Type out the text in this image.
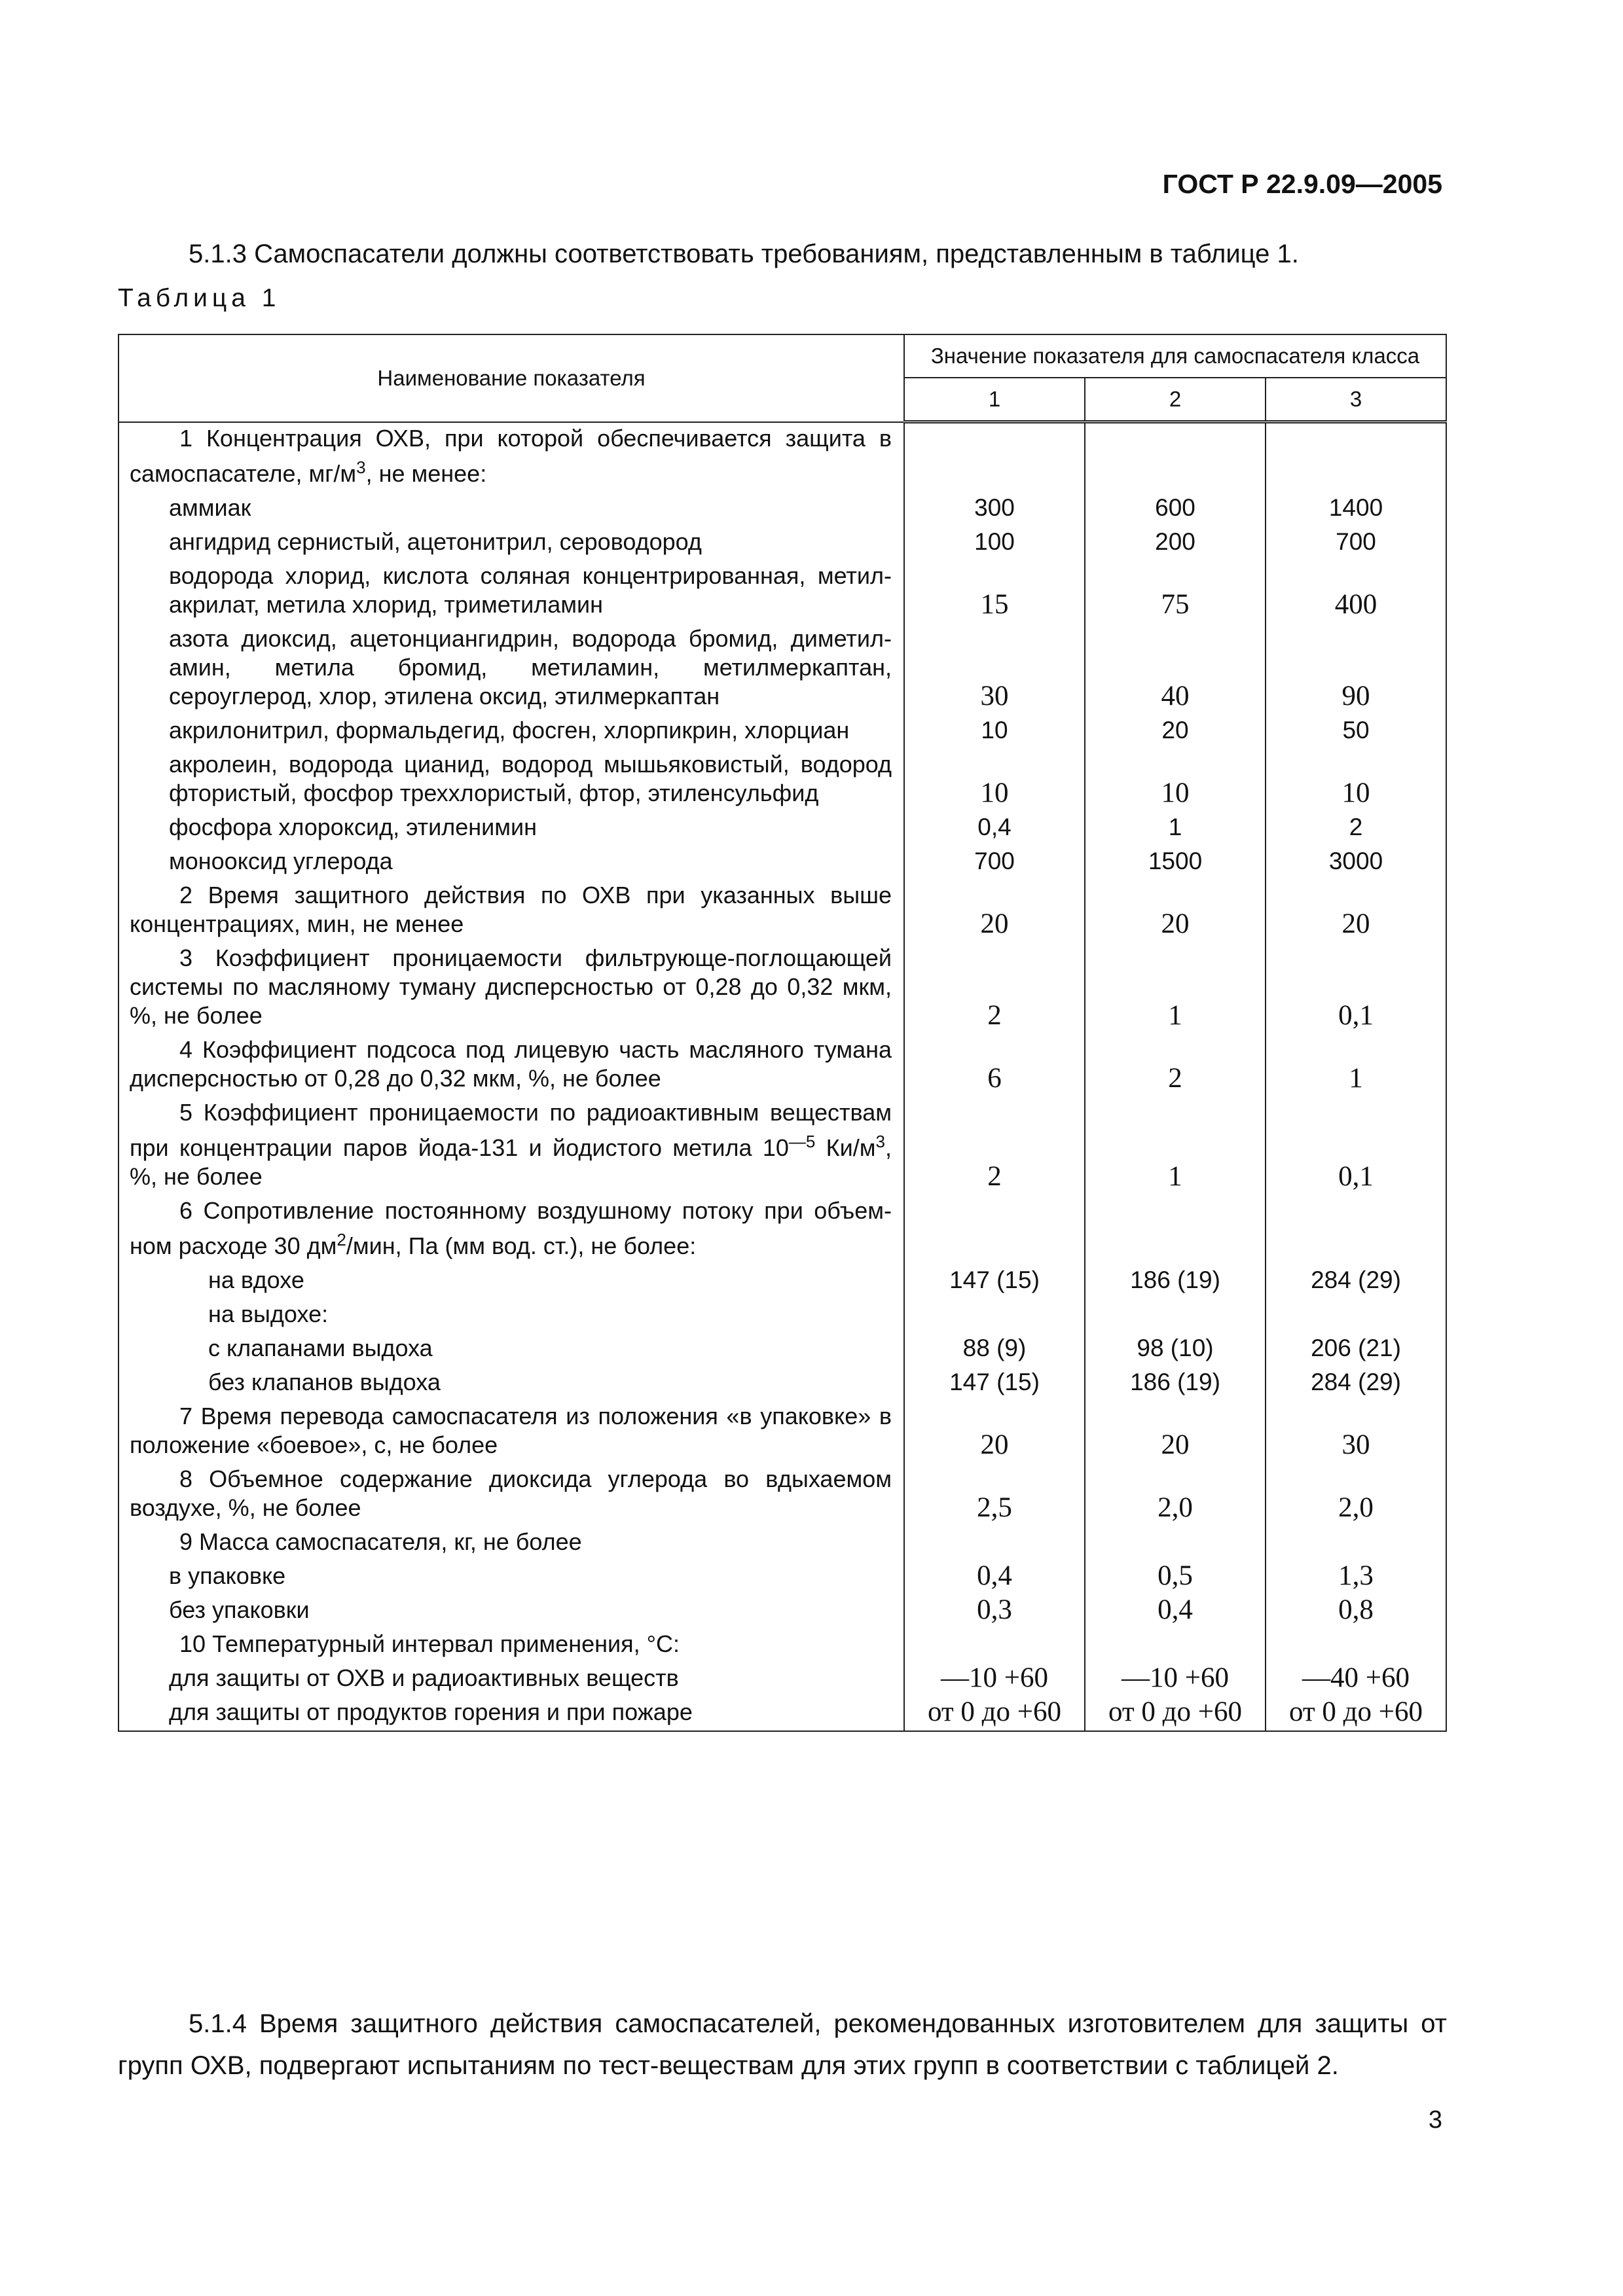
ГОСТ Р 22.9.09—2005
5.1.3 Самоспасатели должны соответствовать требованиям, представленным в таблице 1.
Таблица 1
Наименование показателя	Значение показателя для самоспасателя класса		
	1	2	3
1 Концентрация ОХВ, при которой обеспечивается защита в самоспасателе, $мг/м^3$, не менее:			
аммиак	300	600	1400
ангидрид сернистый, ацетонитрил, сероводород	100	200	700
водорода хлорид, кислота соляная концентрированная, метил-акрилат, метила хлорид, триметиламин	15	75	400
азота диоксид, ацетонциангидрин, водорода бромид, диметил-амин, метила бромид, метиламин, метилмеркаптан, сероуглерод, хлор, этилена оксид, этилмеркаптан	30	40	90
акрилонитрил, формальдегид, фосген, хлорпикрин, хлорциан	10	20	50
акролеин, водорода цианид, водород мышьяковистый, водород фтористый, фосфор треххлористый, фтор, этиленсульфид	10	10	10
фосфора хлороксид, этиленимин	0,4	1	2
монооксид углерода	700	1500	3000
2 Время защитного действия по ОХВ при указанных выше концентрациях, мин, не менее	20	20	20
3 Коэффициент проницаемости фильтрующе-поглощающей системы по масляному туману дисперсностью от 0,28 до 0,32 мкм, %, не более	2	1	0,1
4 Коэффициент подсоса под лицевую часть масляного тумана дисперсностью от 0,28 до 0,32 мкм, %, не более	6	2	1
5 Коэффициент проницаемости по радиоактивным веществам при концентрации паров йода-131 и йодистого метила $10^{—5}$ $Ки/м^3$, %, не более	2	1	0,1
6 Сопротивление постоянному воздушному потоку при объем-ном расходе 30 $дм^2$/мин, Па (мм вод. ст.), не более:			
на вдохе	147 (15)	186 (19)	284 (29)
на выдохе:			
с клапанами выдоха	88 (9)	98 (10)	206 (21)
без клапанов выдоха	147 (15)	186 (19)	284 (29)
7 Время перевода самоспасателя из положения «в упаковке» в положение «боевое», с, не более	20	20	30
8 Объемное содержание диоксида углерода во вдыхаемом воздухе, %, не более	2,5	2,0	2,0
9 Масса самоспасателя, кг, не более			
в упаковке	0,4	0,5	1,3
без упаковки	0,3	0,4	0,8
10 Температурный интервал применения, °С:			
для защиты от ОХВ и радиоактивных веществ	—10 +60	—10 +60	—40 +60
для защиты от продуктов горения и при пожаре	от 0 до +60	от 0 до +60	от 0 до +60
5.1.4 Время защитного действия самоспасателей, рекомендованных изготовителем для защиты от групп ОХВ, подвергают испытаниям по тест-веществам для этих групп в соответствии с таблицей 2.
3
